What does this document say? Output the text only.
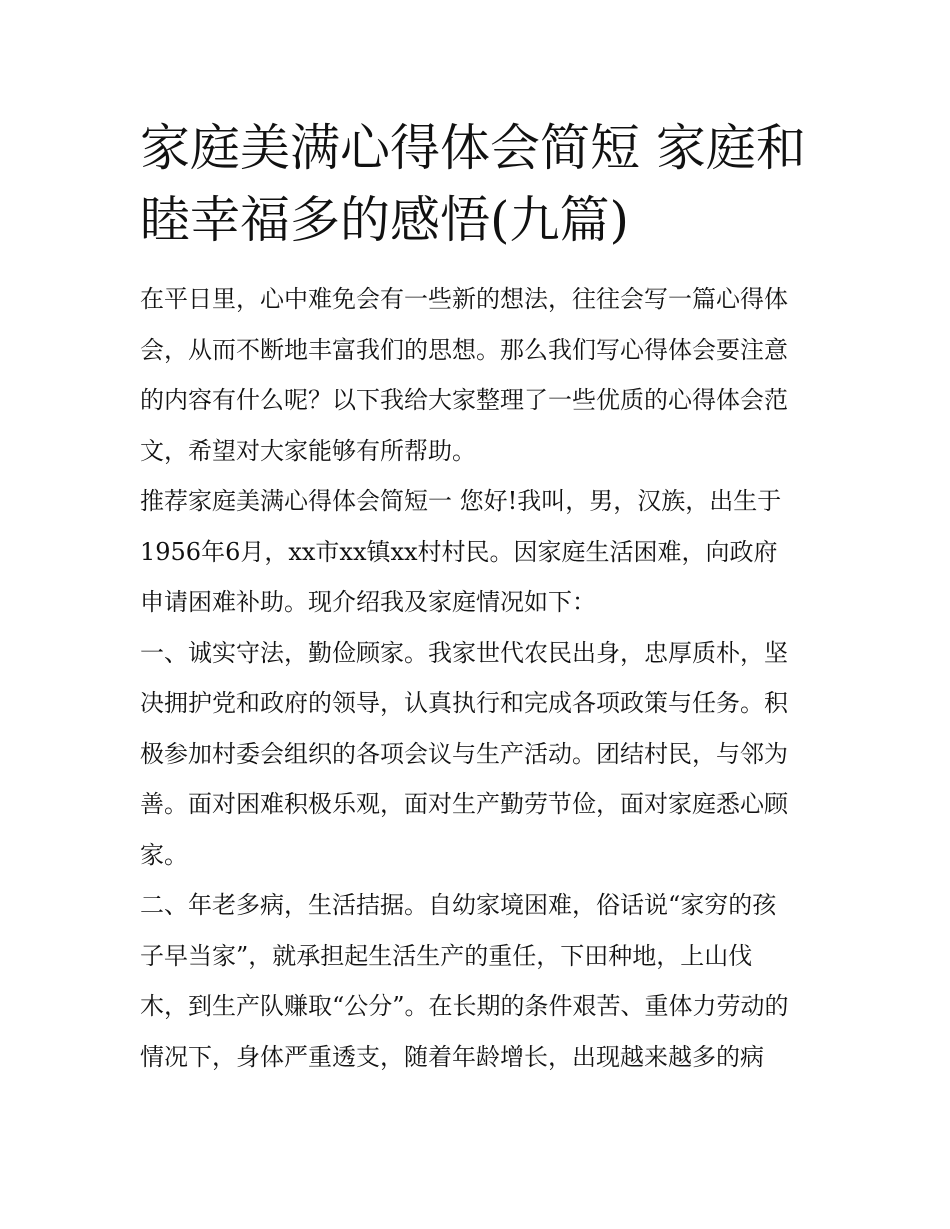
家庭美满心得体会简短 家庭和
睦幸福多的感悟(九篇)
在平日里，心中难免会有一些新的想法，往往会写一篇心得体
会，从而不断地丰富我们的思想。那么我们写心得体会要注意
的内容有什么呢？以下我给大家整理了一些优质的心得体会范
文，希望对大家能够有所帮助。
推荐家庭美满心得体会简短一 您好!我叫，男，汉族，出生于
1956年6月，xx市xx镇xx村村民。因家庭生活困难，向政府
申请困难补助。现介绍我及家庭情况如下：
一、诚实守法，勤俭顾家。我家世代农民出身，忠厚质朴，坚
决拥护党和政府的领导，认真执行和完成各项政策与任务。积
极参加村委会组织的各项会议与生产活动。团结村民，与邻为
善。面对困难积极乐观，面对生产勤劳节俭，面对家庭悉心顾
家。
二、年老多病，生活拮据。自幼家境困难，俗话说“家穷的孩
子早当家”，就承担起生活生产的重任，下田种地，上山伐
木，到生产队赚取“公分”。在长期的条件艰苦、重体力劳动的
情况下，身体严重透支，随着年龄增长，出现越来越多的病
